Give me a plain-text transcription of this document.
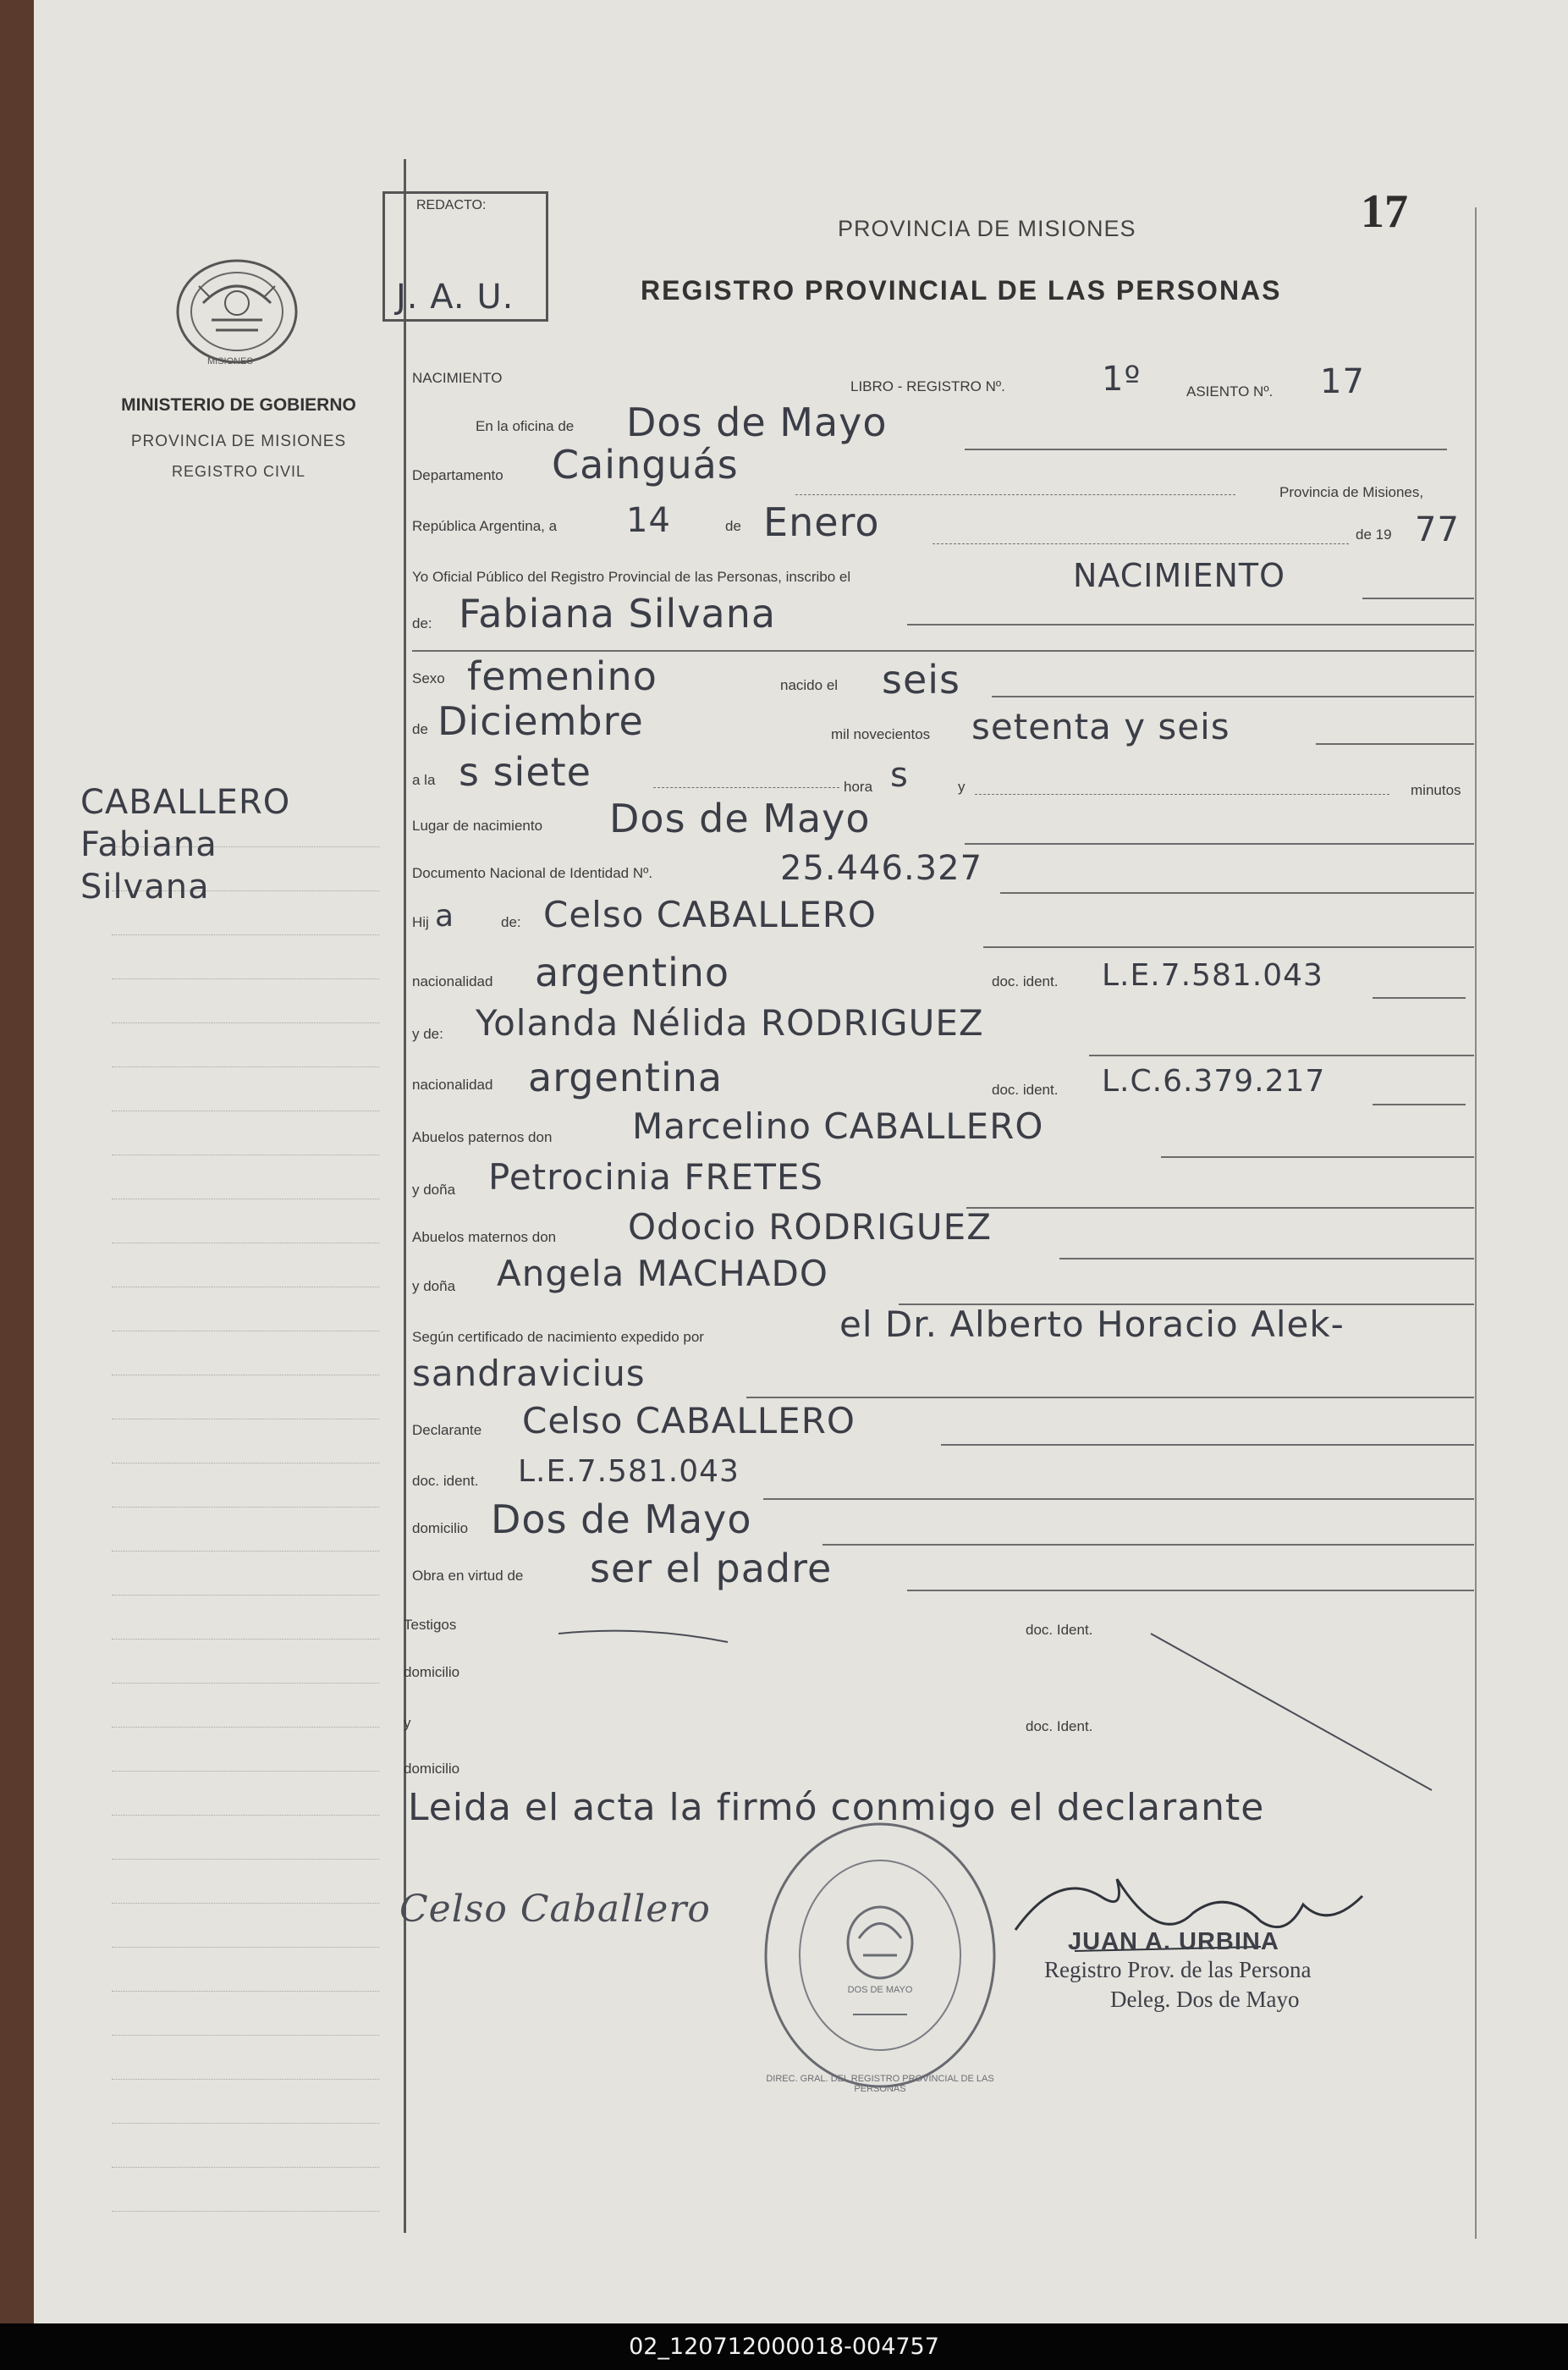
MISIONES
MINISTERIO DE GOBIERNO
PROVINCIA DE MISIONES
REGISTRO CIVIL
CABALLERO
Fabiana
Silvana
REDACTO:
J. A. U.
17
PROVINCIA DE MISIONES
REGISTRO PROVINCIAL DE LAS PERSONAS
NACIMIENTO
LIBRO - REGISTRO Nº.	1º	ASIENTO Nº. 17
En la oficina de Dos de Mayo
Departamento Cainguás
Provincia de Misiones,
República Argentina, a 14	de Enero	de 19 77
Yo Oficial Público del Registro Provincial de las Personas, inscribo el	NACIMIENTO
de: Fabiana Silvana
Sexo femenino	nacido el seis
de Diciembre	mil novecientos setenta y seis
a la s siete	hora s	y	minutos
Lugar de nacimiento Dos de Mayo
Documento Nacional de Identidad Nº.	25.446.327
Hij a	de: Celso CABALLERO
nacionalidad argentino	doc. ident. L.E.7.581.043
y de: Yolanda Nélida RODRIGUEZ
nacionalidad argentina	doc. ident. L.C.6.379.217
Abuelos paternos don Marcelino CABALLERO
y doña Petrocinia FRETES
Abuelos maternos don Odocio RODRIGUEZ
y doña Angela MACHADO
Según certificado de nacimiento expedido por	el Dr. Alberto Horacio Alek-
sandravicius
Declarante Celso CABALLERO
doc. ident. L.E.7.581.043
domicilio Dos de Mayo
Obra en virtud de ser el padre
Testigos	doc. Ident.
domicilio
y	doc. Ident.
domicilio
Leida el acta la firmó conmigo el declarante
DIREC. GRAL. DEL REGISTRO PROVINCIAL DE LAS PERSONAS
DOS DE MAYO
Celso Caballero
JUAN A. URBINA
Registro Prov. de las Persona
Deleg. Dos de Mayo
02_120712000018-004757
